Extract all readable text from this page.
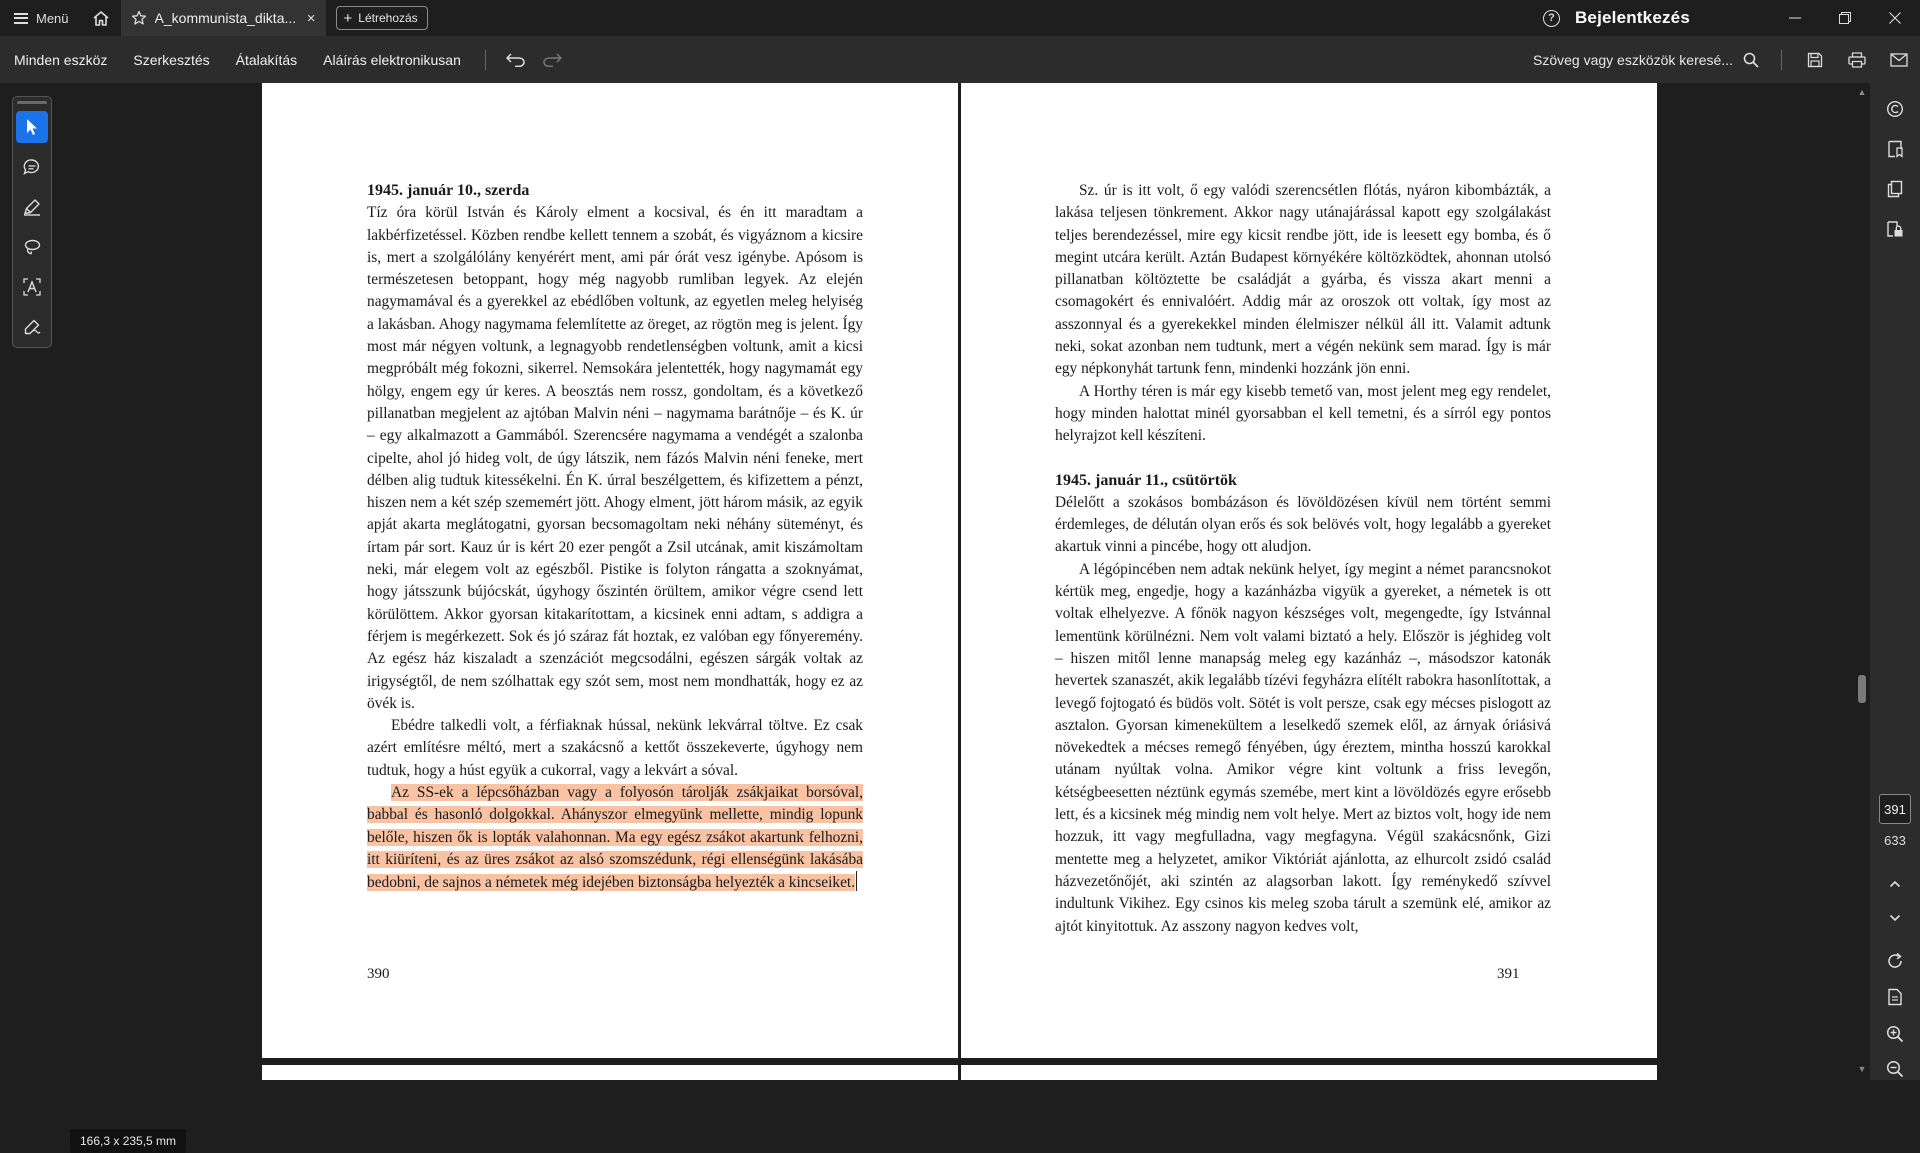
Menü	A_kommunista_dikta... × + Létrehozás	?	Bejelentkezés
Minden eszköz	Szerkesztés	Átalakítás	Aláírás elektronikusan	Szöveg vagy eszközök keresé...
166,3 x 235,5 mm
1945. január 10., szerda

Tíz óra körül István és Károly elment a kocsival, és én itt maradtam a lakbérfizetéssel. Közben rendbe kellett tennem a szobát, és vigyáznom a kicsire is, mert a szolgálólány kenyérért ment, ami pár órát vesz igénybe. Apósom is természetesen betoppant, hogy még nagyobb rumliban legyek. Az elején nagymamával és a gyerekkel az ebédlőben voltunk, az egyetlen meleg helyiség a lakásban. Ahogy nagymama felemlítette az öreget, az rögtön meg is jelent. Így most már négyen voltunk, a legnagyobb rendetlenségben voltunk, amit a kicsi megpróbált még fokozni, sikerrel. Nemsokára jelentették, hogy nagymamát egy hölgy, engem egy úr keres. A beosztás nem rossz, gondoltam, és a következő pillanatban megjelent az ajtóban Malvin néni – nagymama barátnője – és K. úr – egy alkalmazott a Gammából. Szerencsére nagymama a vendégét a szalonba cipelte, ahol jó hideg volt, de úgy látszik, nem fázós Malvin néni feneke, mert délben alig tudtuk kitessékelni. Én K. úrral beszélgettem, és kifizettem a pénzt, hiszen nem a két szép szememért jött. Ahogy elment, jött három másik, az egyik apját akarta meglátogatni, gyorsan becsomagoltam neki néhány süteményt, és írtam pár sort. Kauz úr is kért 20 ezer pengőt a Zsil utcának, amit kiszámoltam neki, már elegem volt az egészből. Pistike is folyton rángatta a szoknyámat, hogy játsszunk bújócskát, úgyhogy őszintén örültem, amikor végre csend lett körülöttem. Akkor gyorsan kitakarítottam, a kicsinek enni adtam, s addigra a férjem is megérkezett. Sok és jó száraz fát hoztak, ez valóban egy főnyeremény. Az egész ház kiszaladt a szenzációt megcsodálni, egészen sárgák voltak az irigységtől, de nem szólhattak egy szót sem, most nem mondhatták, hogy ez az övék is.

Ebédre talkedli volt, a férfiaknak hússal, nekünk lekvárral töltve. Ez csak azért említésre méltó, mert a szakácsnő a kettőt összekeverte, úgyhogy nem tudtuk, hogy a húst együk a cukorral, vagy a lekvárt a sóval.

Az SS-ek a lépcsőházban vagy a folyosón tárolják zsákjaikat borsóval, babbal és hasonló dolgokkal. Ahányszor elmegyünk mellette, mindig lopunk belőle, hiszen ők is lopták valahonnan. Ma egy egész zsákot akartunk felhozni, itt kiüríteni, és az üres zsákot az alsó szomszédunk, régi ellenségünk lakásába bedobni, de sajnos a németek még idejében biztonságba helyezték a kincseiket.

390

Sz. úr is itt volt, ő egy valódi szerencsétlen flótás, nyáron kibombázták, a lakása teljesen tönkrement. Akkor nagy utánajárással kapott egy szolgálakást teljes berendezéssel, mire egy kicsit rendbe jött, ide is leesett egy bomba, és ő megint utcára került. Aztán Budapest környékére költözködtek, ahonnan utolsó pillanatban költöztette be családját a gyárba, és vissza akart menni a csomagokért és ennivalóért. Addig már az oroszok ott voltak, így most az asszonnyal és a gyerekekkel minden élelmiszer nélkül áll itt. Valamit adtunk neki, sokat azonban nem tudtunk, mert a végén nekünk sem marad. Így is már egy népkonyhát tartunk fenn, mindenki hozzánk jön enni.

A Horthy téren is már egy kisebb temető van, most jelent meg egy rendelet, hogy minden halottat minél gyorsabban el kell temetni, és a sírról egy pontos helyrajzot kell készíteni.

1945. január 11., csütörtök

Délelőtt a szokásos bombázáson és lövöldözésen kívül nem történt semmi érdemleges, de délután olyan erős és sok belövés volt, hogy legalább a gyereket akartuk vinni a pincébe, hogy ott aludjon.

A légópincében nem adtak nekünk helyet, így megint a német parancsnokot kértük meg, engedje, hogy a kazánházba vigyük a gyereket, a németek is ott voltak elhelyezve. A főnök nagyon készséges volt, megengedte, így Istvánnal lementünk körülnézni. Nem volt valami biztató a hely. Először is jéghideg volt – hiszen mitől lenne manapság meleg egy kazánház –, másodszor katonák hevertek szanaszét, akik legalább tízévi fegyházra elítélt rabokra hasonlítottak, a levegő fojtogató és büdös volt. Sötét is volt persze, csak egy mécses pislogott az asztalon. Gyorsan kimenekültem a leselkedő szemek elől, az árnyak óriásivá növekedtek a mécses remegő fényében, úgy éreztem, mintha hosszú karokkal utánam nyúltak volna. Amikor végre kint voltunk a friss levegőn, kétségbeesetten néztünk egymás szemébe, mert kint a lövöldözés egyre erősebb lett, és a kicsinek még mindig nem volt helye. Mert az biztos volt, hogy ide nem hozzuk, itt vagy megfulladna, vagy megfagyna. Végül szakácsnőnk, Gizi mentette meg a helyzetet, amikor Viktóriát ajánlotta, az elhurcolt zsidó család házvezetőnőjét, aki szintén az alagsorban lakott. Így reménykedő szívvel indultunk Vikihez. Egy csinos kis meleg szoba tárult a szemünk elé, amikor az ajtót kinyitottuk. Az asszony nagyon kedves volt,

391
▲
▼
391
633
